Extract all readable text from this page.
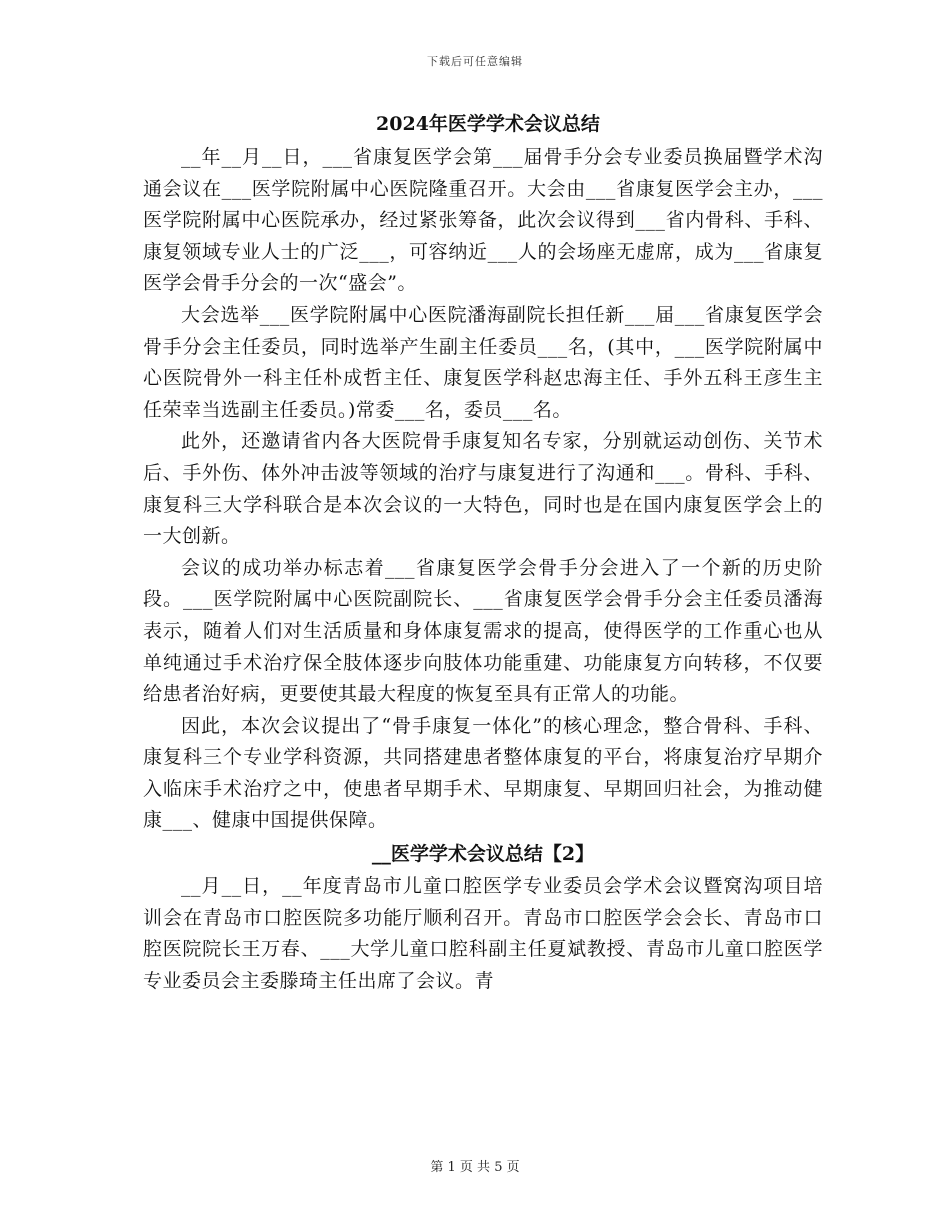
下载后可任意编辑
2024年医学学术会议总结

__年__月__日，___省康复医学会第___届骨手分会专业委员换届暨学术沟通会议在___医学院附属中心医院隆重召开。大会由___省康复医学会主办，___医学院附属中心医院承办，经过紧张筹备，此次会议得到___省内骨科、手科、康复领域专业人士的广泛___，可容纳近___人的会场座无虚席，成为___省康复医学会骨手分会的一次“盛会”。

大会选举___医学院附属中心医院潘海副院长担任新___届___省康复医学会骨手分会主任委员，同时选举产生副主任委员___名，(其中，___医学院附属中心医院骨外一科主任朴成哲主任、康复医学科赵忠海主任、手外五科王彦生主任荣幸当选副主任委员。)常委___名，委员___名。

此外，还邀请省内各大医院骨手康复知名专家，分别就运动创伤、关节术后、手外伤、体外冲击波等领域的治疗与康复进行了沟通和___。骨科、手科、康复科三大学科联合是本次会议的一大特色，同时也是在国内康复医学会上的一大创新。

会议的成功举办标志着___省康复医学会骨手分会进入了一个新的历史阶段。___医学院附属中心医院副院长、___省康复医学会骨手分会主任委员潘海表示，随着人们对生活质量和身体康复需求的提高，使得医学的工作重心也从单纯通过手术治疗保全肢体逐步向肢体功能重建、功能康复方向转移，不仅要给患者治好病，更要使其最大程度的恢复至具有正常人的功能。

因此，本次会议提出了“骨手康复一体化”的核心理念，整合骨科、手科、康复科三个专业学科资源，共同搭建患者整体康复的平台，将康复治疗早期介入临床手术治疗之中，使患者早期手术、早期康复、早期回归社会，为推动健康___、健康中国提供保障。

__医学学术会议总结【2】

__月__日，__年度青岛市儿童口腔医学专业委员会学术会议暨窝沟项目培训会在青岛市口腔医院多功能厅顺利召开。青岛市口腔医学会会长、青岛市口腔医院院长王万春、___大学儿童口腔科副主任夏斌教授、青岛市儿童口腔医学专业委员会主委滕琦主任出席了会议。青

第 1 页 共 5 页
